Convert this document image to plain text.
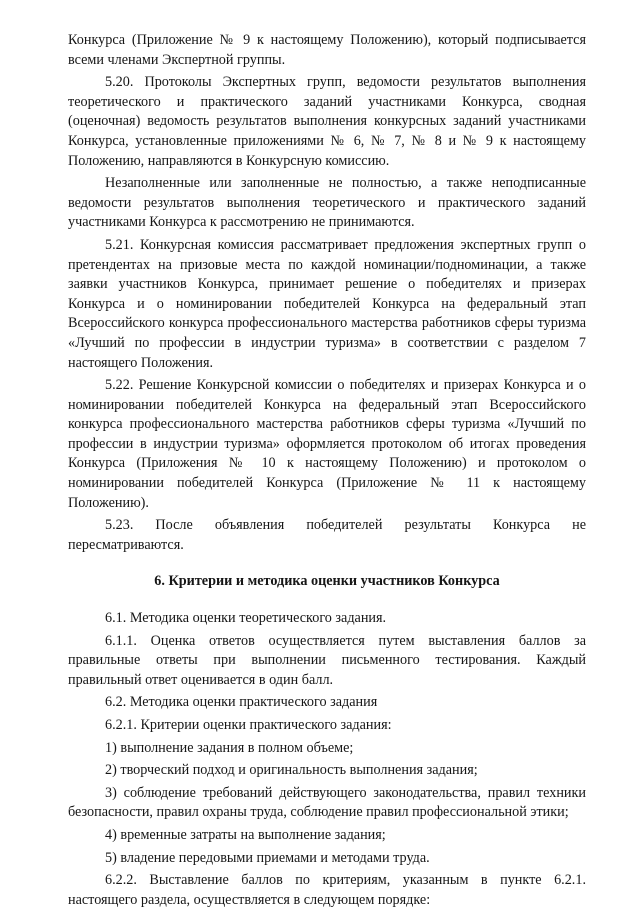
Конкурса (Приложение № 9 к настоящему Положению), который подписывается всеми членами Экспертной группы.

5.20. Протоколы Экспертных групп, ведомости результатов выполнения теоретического и практического заданий участниками Конкурса, сводная (оценочная) ведомость результатов выполнения конкурсных заданий участниками Конкурса, установленные приложениями № 6, № 7, № 8 и № 9 к настоящему Положению, направляются в Конкурсную комиссию.

Незаполненные или заполненные не полностью, а также неподписанные ведомости результатов выполнения теоретического и практического заданий участниками Конкурса к рассмотрению не принимаются.

5.21. Конкурсная комиссия рассматривает предложения экспертных групп о претендентах на призовые места по каждой номинации/подноминации, а также заявки участников Конкурса, принимает решение о победителях и призерах Конкурса и о номинировании победителей Конкурса на федеральный этап Всероссийского конкурса профессионального мастерства работников сферы туризма «Лучший по профессии в индустрии туризма» в соответствии с разделом 7 настоящего Положения.

5.22. Решение Конкурсной комиссии о победителях и призерах Конкурса и о номинировании победителей Конкурса на федеральный этап Всероссийского конкурса профессионального мастерства работников сферы туризма «Лучший по профессии в индустрии туризма» оформляется протоколом об итогах проведения Конкурса (Приложения № 10 к настоящему Положению) и протоколом о номинировании победителей Конкурса (Приложение № 11 к настоящему Положению).

5.23. После объявления победителей результаты Конкурса не пересматриваются.

6. Критерии и методика оценки участников Конкурса

6.1. Методика оценки теоретического задания.

6.1.1. Оценка ответов осуществляется путем выставления баллов за правильные ответы при выполнении письменного тестирования. Каждый правильный ответ оценивается в один балл.

6.2. Методика оценки практического задания

6.2.1. Критерии оценки практического задания:

1) выполнение задания в полном объеме;

2) творческий подход и оригинальность выполнения задания;

3) соблюдение требований действующего законодательства, правил техники безопасности, правил охраны труда, соблюдение правил профессиональной этики;

4) временные затраты на выполнение задания;

5) владение передовыми приемами и методами труда.

6.2.2. Выставление баллов по критериям, указанным в пункте 6.2.1. настоящего раздела, осуществляется в следующем порядке:
